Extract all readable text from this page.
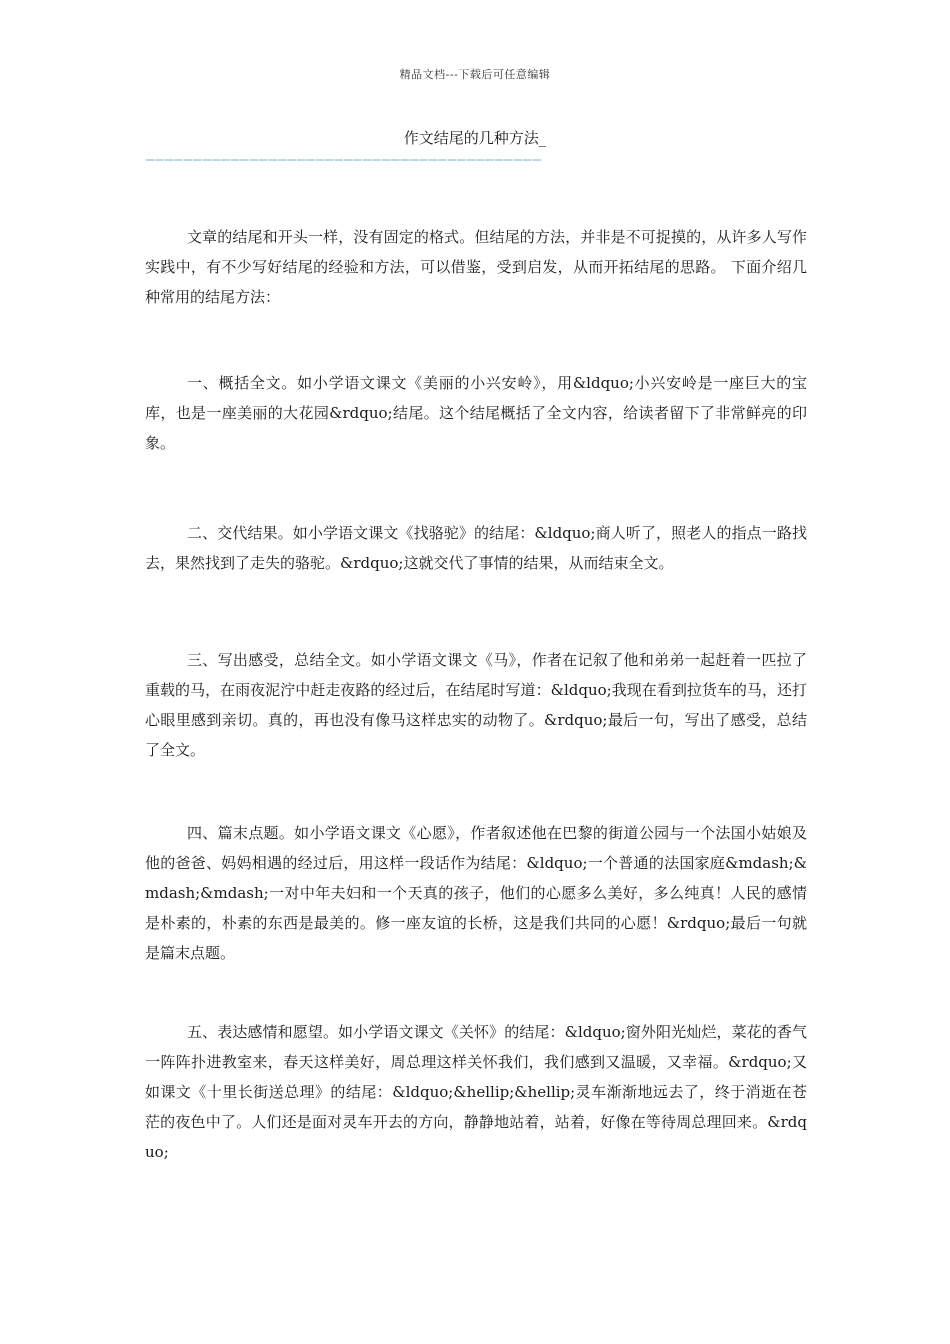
精品文档---下载后可任意编辑
作文结尾的几种方法_
——————————————————————————————————————————

文章的结尾和开头一样，没有固定的格式。但结尾的方法，并非是不可捉摸的，从许多人写作实践中，有不少写好结尾的经验和方法，可以借鉴，受到启发，从而开拓结尾的思路。 下面介绍几种常用的结尾方法：

一、概括全文。如小学语文课文《美丽的小兴安岭》，用&ldquo;小兴安岭是一座巨大的宝库，也是一座美丽的大花园&rdquo;结尾。这个结尾概括了全文内容，给读者留下了非常鲜亮的印象。

二、交代结果。如小学语文课文《找骆驼》的结尾：&ldquo;商人听了，照老人的指点一路找去，果然找到了走失的骆驼。&rdquo;这就交代了事情的结果，从而结束全文。

三、写出感受，总结全文。如小学语文课文《马》，作者在记叙了他和弟弟一起赶着一匹拉了重载的马，在雨夜泥泞中赶走夜路的经过后，在结尾时写道：&ldquo;我现在看到拉货车的马，还打心眼里感到亲切。真的，再也没有像马这样忠实的动物了。&rdquo;最后一句，写出了感受，总结了全文。

四、篇末点题。如小学语文课文《心愿》，作者叙述他在巴黎的街道公园与一个法国小姑娘及他的爸爸、妈妈相遇的经过后，用这样一段话作为结尾：&ldquo;一个普通的法国家庭&mdash;&mdash;&mdash;一对中年夫妇和一个天真的孩子，他们的心愿多么美好，多么纯真！人民的感情是朴素的，朴素的东西是最美的。修一座友谊的长桥，这是我们共同的心愿！&rdquo;最后一句就是篇末点题。

五、表达感情和愿望。如小学语文课文《关怀》的结尾：&ldquo;窗外阳光灿烂，菜花的香气一阵阵扑进教室来，春天这样美好，周总理这样关怀我们，我们感到又温暖，又幸福。&rdquo;又如课文《十里长街送总理》的结尾：&ldquo;&hellip;&hellip;灵车渐渐地远去了，终于消逝在苍茫的夜色中了。人们还是面对灵车开去的方向，静静地站着，站着，好像在等待周总理回来。&rdquo;
